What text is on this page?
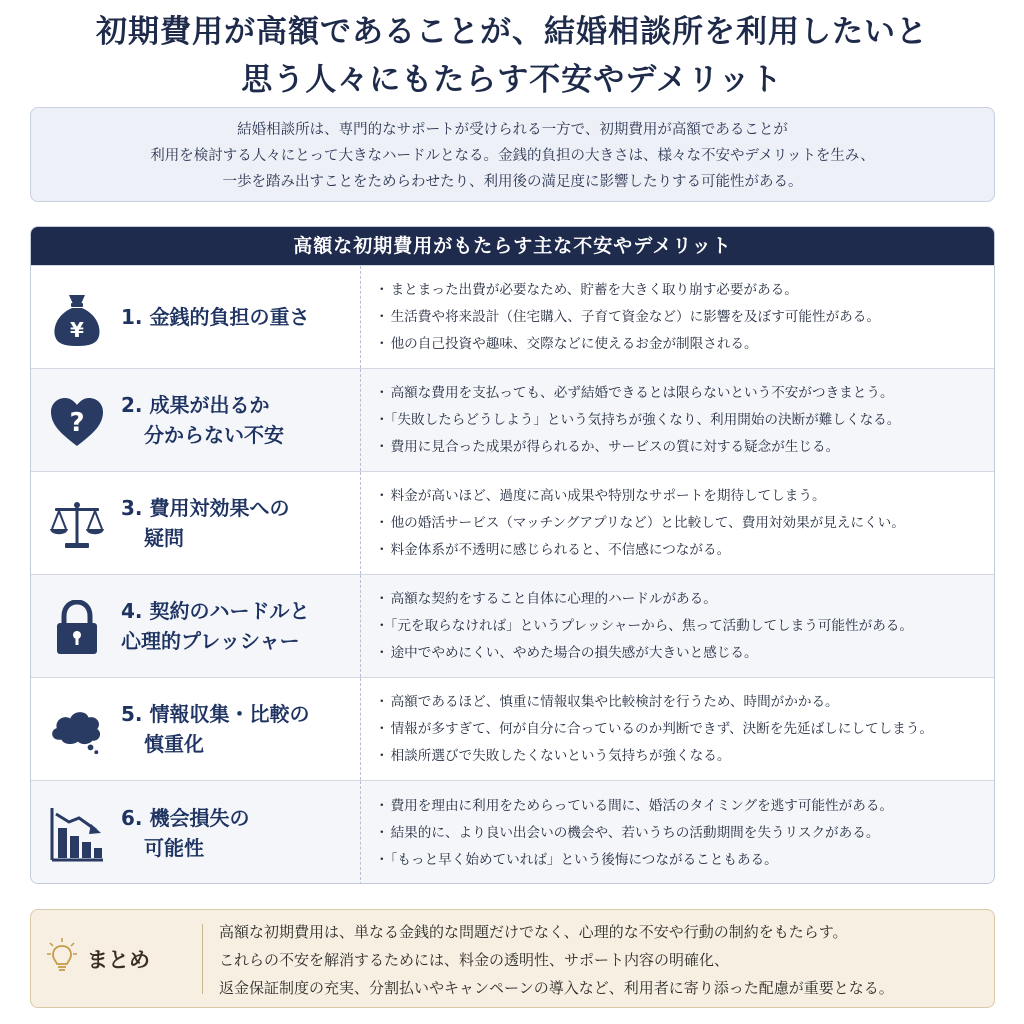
初期費用が高額であることが、結婚相談所を利用したいと
思う人々にもたらす不安やデメリット
結婚相談所は、専門的なサポートが受けられる一方で、初期費用が高額であることが
利用を検討する人々にとって大きなハードルとなる。金銭的負担の大きさは、様々な不安やデメリットを生み、
一歩を踏み出すことをためらわせたり、利用後の満足度に影響したりする可能性がある。
高額な初期費用がもたらす主な不安やデメリット
¥
1. 金銭的負担の重さ
・ まとまった出費が必要なため、貯蓄を大きく取り崩す必要がある。
・ 生活費や将来設計（住宅購入、子育て資金など）に影響を及ぼす可能性がある。
・ 他の自己投資や趣味、交際などに使えるお金が制限される。
?
2. 成果が出るか
分からない不安
・ 高額な費用を支払っても、必ず結婚できるとは限らないという不安がつきまとう。
・ 「失敗したらどうしよう」という気持ちが強くなり、利用開始の決断が難しくなる。
・ 費用に見合った成果が得られるか、サービスの質に対する疑念が生じる。
3. 費用対効果への
疑問
・ 料金が高いほど、過度に高い成果や特別なサポートを期待してしまう。
・ 他の婚活サービス（マッチングアプリなど）と比較して、費用対効果が見えにくい。
・ 料金体系が不透明に感じられると、不信感につながる。
4. 契約のハードルと
心理的プレッシャー
・ 高額な契約をすること自体に心理的ハードルがある。
・ 「元を取らなければ」というプレッシャーから、焦って活動してしまう可能性がある。
・ 途中でやめにくい、やめた場合の損失感が大きいと感じる。
5. 情報収集・比較の
慎重化
・ 高額であるほど、慎重に情報収集や比較検討を行うため、時間がかかる。
・ 情報が多すぎて、何が自分に合っているのか判断できず、決断を先延ばしにしてしまう。
・ 相談所選びで失敗したくないという気持ちが強くなる。
6. 機会損失の
可能性
・ 費用を理由に利用をためらっている間に、婚活のタイミングを逃す可能性がある。
・ 結果的に、より良い出会いの機会や、若いうちの活動期間を失うリスクがある。
・ 「もっと早く始めていれば」という後悔につながることもある。
まとめ
高額な初期費用は、単なる金銭的な問題だけでなく、心理的な不安や行動の制約をもたらす。
これらの不安を解消するためには、料金の透明性、サポート内容の明確化、
返金保証制度の充実、分割払いやキャンペーンの導入など、利用者に寄り添った配慮が重要となる。
